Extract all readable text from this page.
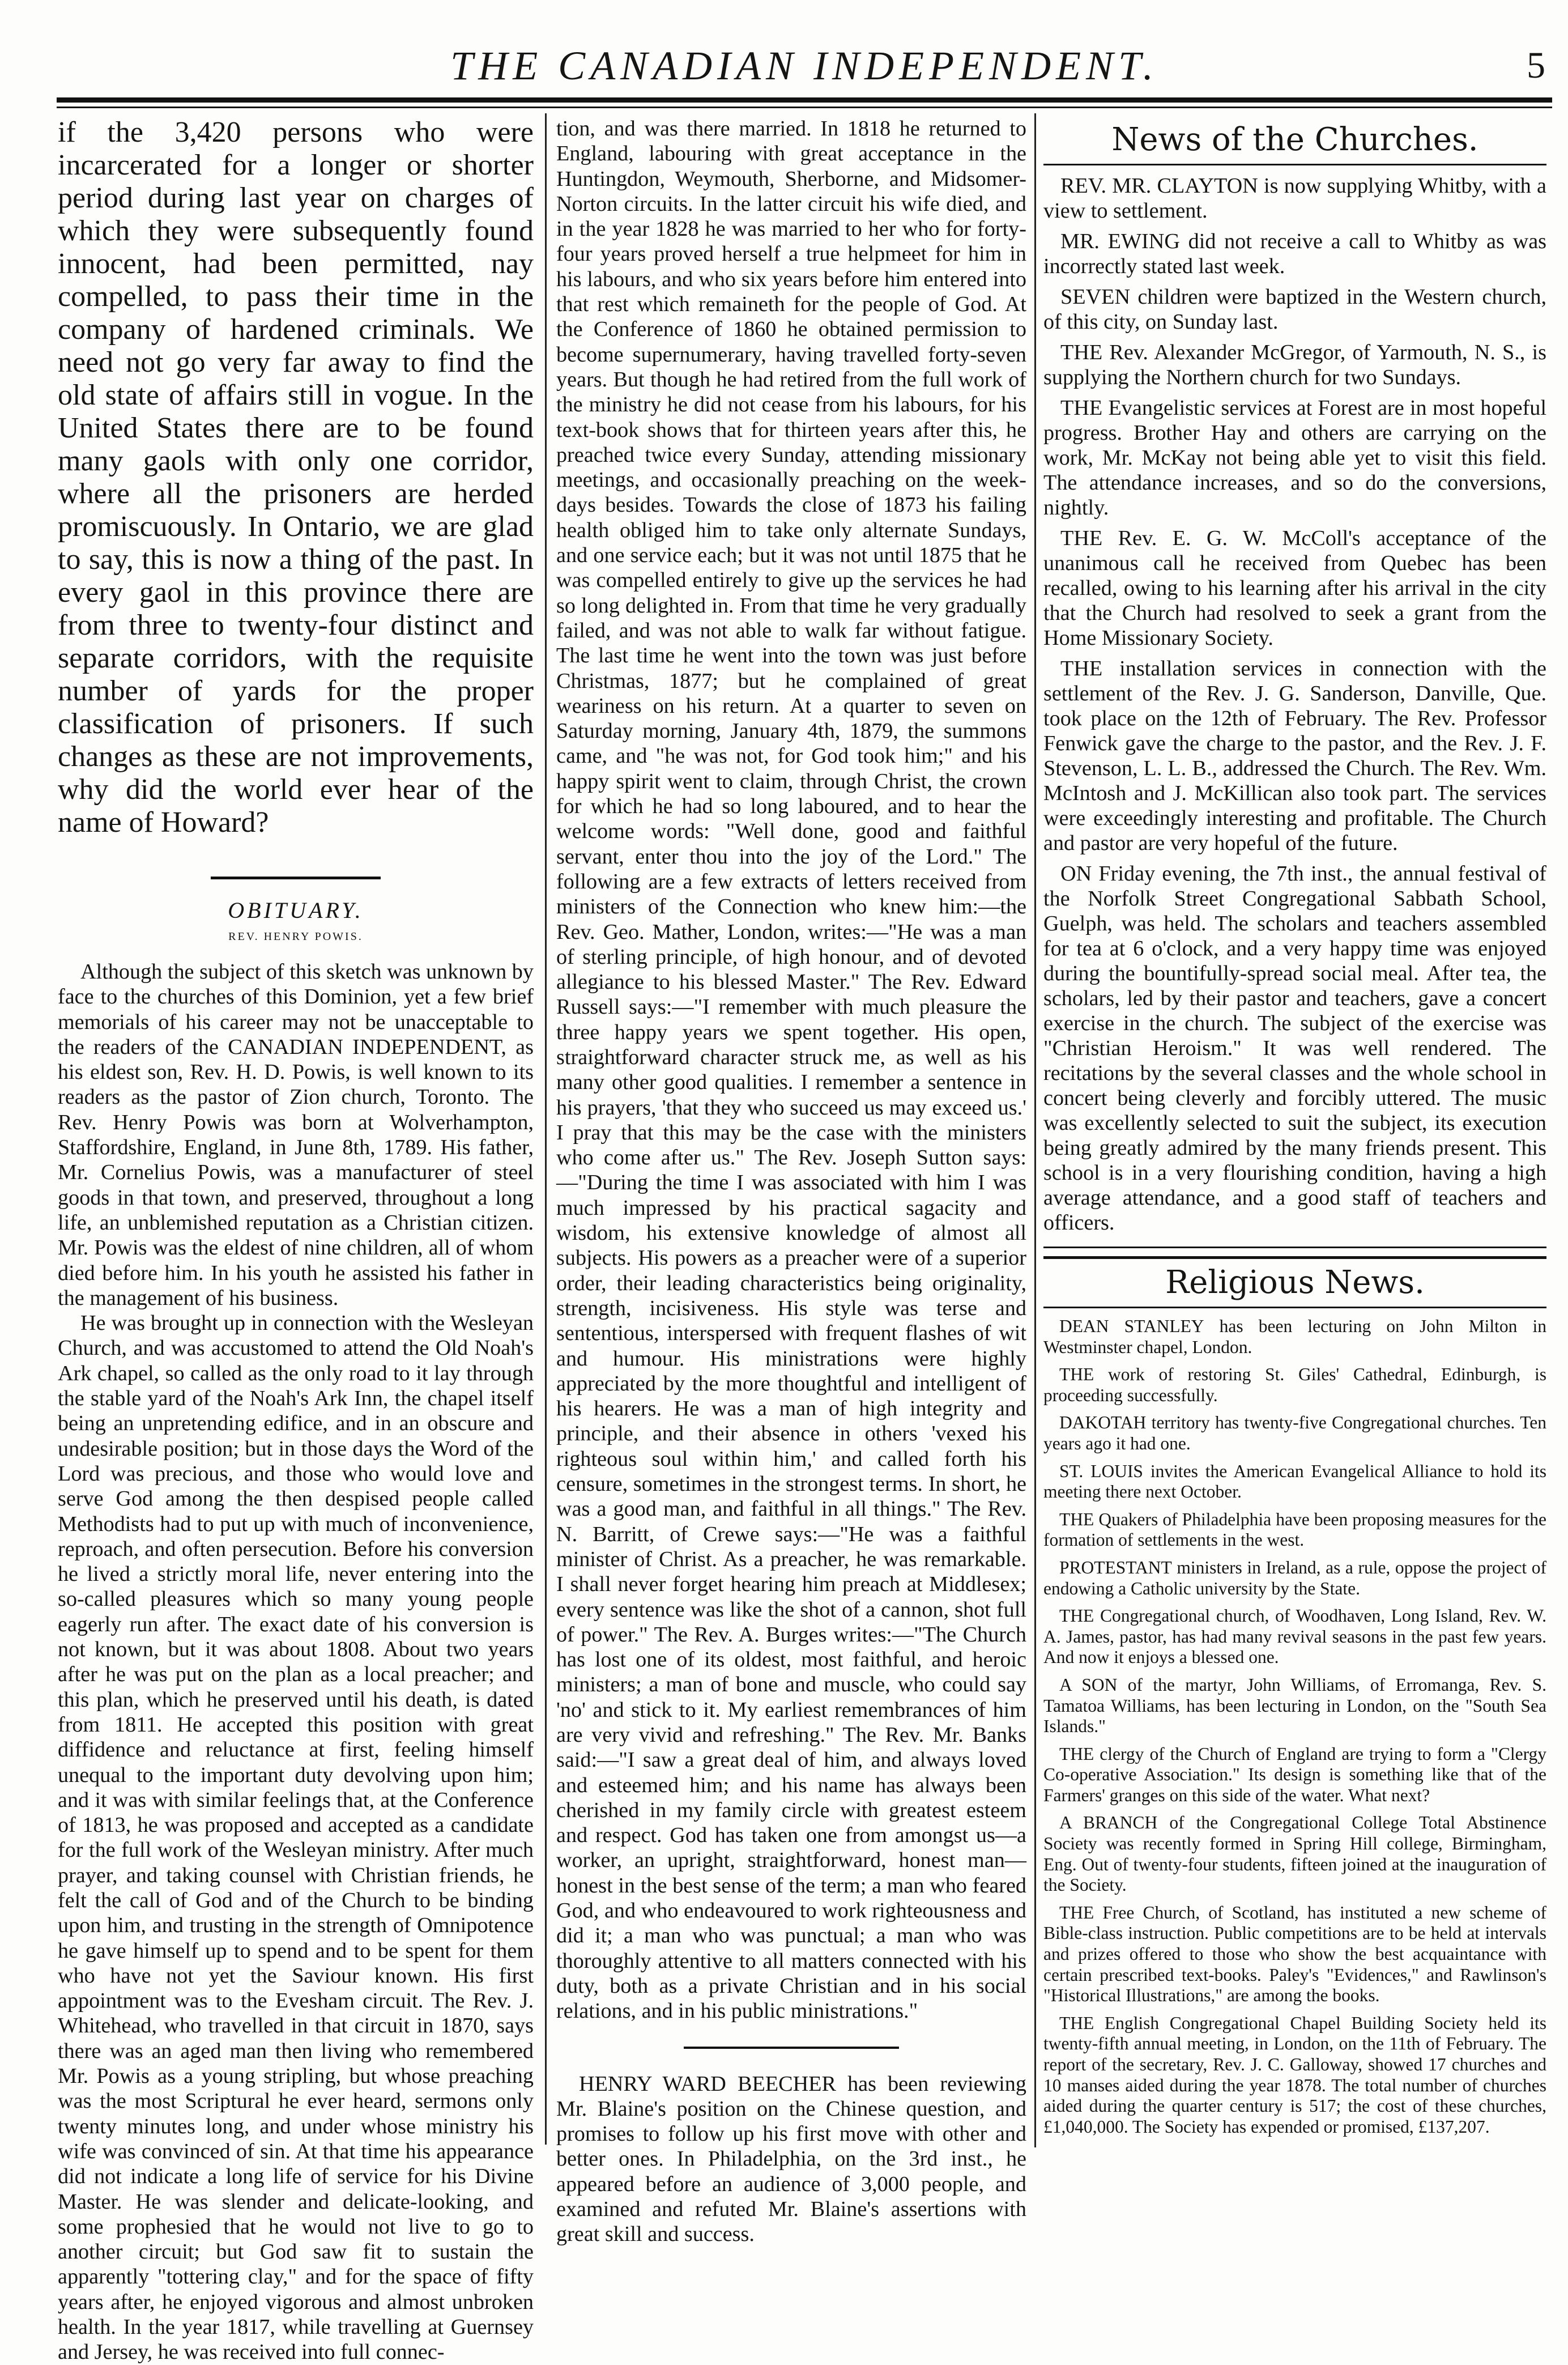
THE CANADIAN INDEPENDENT.	5

if the 3,420 persons who were incarcerated for a longer or shorter period during last year on charges of which they were subsequently found innocent, had been permitted, nay compelled, to pass their time in the company of hardened criminals. We need not go very far away to find the old state of affairs still in vogue. In the United States there are to be found many gaols with only one corridor, where all the prisoners are herded promiscuously. In Ontario, we are glad to say, this is now a thing of the past. In every gaol in this province there are from three to twenty-four distinct and separate corridors, with the requisite number of yards for the proper classification of prisoners. If such changes as these are not improvements, why did the world ever hear of the name of Howard?

OBITUARY.

REV. HENRY POWIS.

Although the subject of this sketch was unknown by face to the churches of this Dominion, yet a few brief memorials of his career may not be unacceptable to the readers of the CANADIAN INDEPENDENT, as his eldest son, Rev. H. D. Powis, is well known to its readers as the pastor of Zion church, Toronto. The Rev. Henry Powis was born at Wolverhampton, Staffordshire, England, in June 8th, 1789. His father, Mr. Cornelius Powis, was a manufacturer of steel goods in that town, and preserved, throughout a long life, an unblemished reputation as a Christian citizen. Mr. Powis was the eldest of nine children, all of whom died before him. In his youth he assisted his father in the management of his business.

He was brought up in connection with the Wesleyan Church, and was accustomed to attend the Old Noah's Ark chapel, so called as the only road to it lay through the stable yard of the Noah's Ark Inn, the chapel itself being an unpretending edifice, and in an obscure and undesirable position; but in those days the Word of the Lord was precious, and those who would love and serve God among the then despised people called Methodists had to put up with much of inconvenience, reproach, and often persecution. Before his conversion he lived a strictly moral life, never entering into the so-called pleasures which so many young people eagerly run after. The exact date of his conversion is not known, but it was about 1808. About two years after he was put on the plan as a local preacher; and this plan, which he preserved until his death, is dated from 1811. He accepted this position with great diffidence and reluctance at first, feeling himself unequal to the important duty devolving upon him; and it was with similar feelings that, at the Conference of 1813, he was proposed and accepted as a candidate for the full work of the Wesleyan ministry. After much prayer, and taking counsel with Christian friends, he felt the call of God and of the Church to be binding upon him, and trusting in the strength of Omnipotence he gave himself up to spend and to be spent for them who have not yet the Saviour known. His first appointment was to the Evesham circuit. The Rev. J. Whitehead, who travelled in that circuit in 1870, says there was an aged man then living who remembered Mr. Powis as a young stripling, but whose preaching was the most Scriptural he ever heard, sermons only twenty minutes long, and under whose ministry his wife was convinced of sin. At that time his appearance did not indicate a long life of service for his Divine Master. He was slender and delicate-looking, and some prophesied that he would not live to go to another circuit; but God saw fit to sustain the apparently "tottering clay," and for the space of fifty years after, he enjoyed vigorous and almost unbroken health. In the year 1817, while travelling at Guernsey and Jersey, he was received into full connec-

tion, and was there married. In 1818 he returned to England, labouring with great acceptance in the Huntingdon, Weymouth, Sherborne, and Midsomer-Norton circuits. In the latter circuit his wife died, and in the year 1828 he was married to her who for forty-four years proved herself a true helpmeet for him in his labours, and who six years before him entered into that rest which remaineth for the people of God. At the Conference of 1860 he obtained permission to become supernumerary, having travelled forty-seven years. But though he had retired from the full work of the ministry he did not cease from his labours, for his text-book shows that for thirteen years after this, he preached twice every Sunday, attending missionary meetings, and occasionally preaching on the week-days besides. Towards the close of 1873 his failing health obliged him to take only alternate Sundays, and one service each; but it was not until 1875 that he was compelled entirely to give up the services he had so long delighted in. From that time he very gradually failed, and was not able to walk far without fatigue. The last time he went into the town was just before Christmas, 1877; but he complained of great weariness on his return. At a quarter to seven on Saturday morning, January 4th, 1879, the summons came, and "he was not, for God took him;" and his happy spirit went to claim, through Christ, the crown for which he had so long laboured, and to hear the welcome words: "Well done, good and faithful servant, enter thou into the joy of the Lord." The following are a few extracts of letters received from ministers of the Connection who knew him:—the Rev. Geo. Mather, London, writes:—"He was a man of sterling principle, of high honour, and of devoted allegiance to his blessed Master." The Rev. Edward Russell says:—"I remember with much pleasure the three happy years we spent together. His open, straightforward character struck me, as well as his many other good qualities. I remember a sentence in his prayers, 'that they who succeed us may exceed us.' I pray that this may be the case with the ministers who come after us." The Rev. Joseph Sutton says:—"During the time I was associated with him I was much impressed by his practical sagacity and wisdom, his extensive knowledge of almost all subjects. His powers as a preacher were of a superior order, their leading characteristics being originality, strength, incisiveness. His style was terse and sententious, interspersed with frequent flashes of wit and humour. His ministrations were highly appreciated by the more thoughtful and intelligent of his hearers. He was a man of high integrity and principle, and their absence in others 'vexed his righteous soul within him,' and called forth his censure, sometimes in the strongest terms. In short, he was a good man, and faithful in all things." The Rev. N. Barritt, of Crewe says:—"He was a faithful minister of Christ. As a preacher, he was remarkable. I shall never forget hearing him preach at Middlesex; every sentence was like the shot of a cannon, shot full of power." The Rev. A. Burges writes:—"The Church has lost one of its oldest, most faithful, and heroic ministers; a man of bone and muscle, who could say 'no' and stick to it. My earliest remembrances of him are very vivid and refreshing." The Rev. Mr. Banks said:—"I saw a great deal of him, and always loved and esteemed him; and his name has always been cherished in my family circle with greatest esteem and respect. God has taken one from amongst us—a worker, an upright, straightforward, honest man—honest in the best sense of the term; a man who feared God, and who endeavoured to work righteousness and did it; a man who was punctual; a man who was thoroughly attentive to all matters connected with his duty, both as a private Christian and in his social relations, and in his public ministrations."

HENRY WARD BEECHER has been reviewing Mr. Blaine's position on the Chinese question, and promises to follow up his first move with other and better ones. In Philadelphia, on the 3rd inst., he appeared before an audience of 3,000 people, and examined and refuted Mr. Blaine's assertions with great skill and success.

News of the Churches.

REV. MR. CLAYTON is now supplying Whitby, with a view to settlement.

MR. EWING did not receive a call to Whitby as was incorrectly stated last week.

SEVEN children were baptized in the Western church, of this city, on Sunday last.

THE Rev. Alexander McGregor, of Yarmouth, N. S., is supplying the Northern church for two Sundays.

THE Evangelistic services at Forest are in most hopeful progress. Brother Hay and others are carrying on the work, Mr. McKay not being able yet to visit this field. The attendance increases, and so do the conversions, nightly.

THE Rev. E. G. W. McColl's acceptance of the unanimous call he received from Quebec has been recalled, owing to his learning after his arrival in the city that the Church had resolved to seek a grant from the Home Missionary Society.

THE installation services in connection with the settlement of the Rev. J. G. Sanderson, Danville, Que. took place on the 12th of February. The Rev. Professor Fenwick gave the charge to the pastor, and the Rev. J. F. Stevenson, L. L. B., addressed the Church. The Rev. Wm. McIntosh and J. McKillican also took part. The services were exceedingly interesting and profitable. The Church and pastor are very hopeful of the future.

ON Friday evening, the 7th inst., the annual festival of the Norfolk Street Congregational Sabbath School, Guelph, was held. The scholars and teachers assembled for tea at 6 o'clock, and a very happy time was enjoyed during the bountifully-spread social meal. After tea, the scholars, led by their pastor and teachers, gave a concert exercise in the church. The subject of the exercise was "Christian Heroism." It was well rendered. The recitations by the several classes and the whole school in concert being cleverly and forcibly uttered. The music was excellently selected to suit the subject, its execution being greatly admired by the many friends present. This school is in a very flourishing condition, having a high average attendance, and a good staff of teachers and officers.

Religious News.

DEAN STANLEY has been lecturing on John Milton in Westminster chapel, London.

THE work of restoring St. Giles' Cathedral, Edinburgh, is proceeding successfully.

DAKOTAH territory has twenty-five Congregational churches. Ten years ago it had one.

ST. LOUIS invites the American Evangelical Alliance to hold its meeting there next October.

THE Quakers of Philadelphia have been proposing measures for the formation of settlements in the west.

PROTESTANT ministers in Ireland, as a rule, oppose the project of endowing a Catholic university by the State.

THE Congregational church, of Woodhaven, Long Island, Rev. W. A. James, pastor, has had many revival seasons in the past few years. And now it enjoys a blessed one.

A SON of the martyr, John Williams, of Erromanga, Rev. S. Tamatoa Williams, has been lecturing in London, on the "South Sea Islands."

THE clergy of the Church of England are trying to form a "Clergy Co-operative Association." Its design is something like that of the Farmers' granges on this side of the water. What next?

A BRANCH of the Congregational College Total Abstinence Society was recently formed in Spring Hill college, Birmingham, Eng. Out of twenty-four students, fifteen joined at the inauguration of the Society.

THE Free Church, of Scotland, has instituted a new scheme of Bible-class instruction. Public competitions are to be held at intervals and prizes offered to those who show the best acquaintance with certain prescribed text-books. Paley's "Evidences," and Rawlinson's "Historical Illustrations," are among the books.

THE English Congregational Chapel Building Society held its twenty-fifth annual meeting, in London, on the 11th of February. The report of the secretary, Rev. J. C. Galloway, showed 17 churches and 10 manses aided during the year 1878. The total number of churches aided during the quarter century is 517; the cost of these churches, £1,040,000. The Society has expended or promised, £137,207.
